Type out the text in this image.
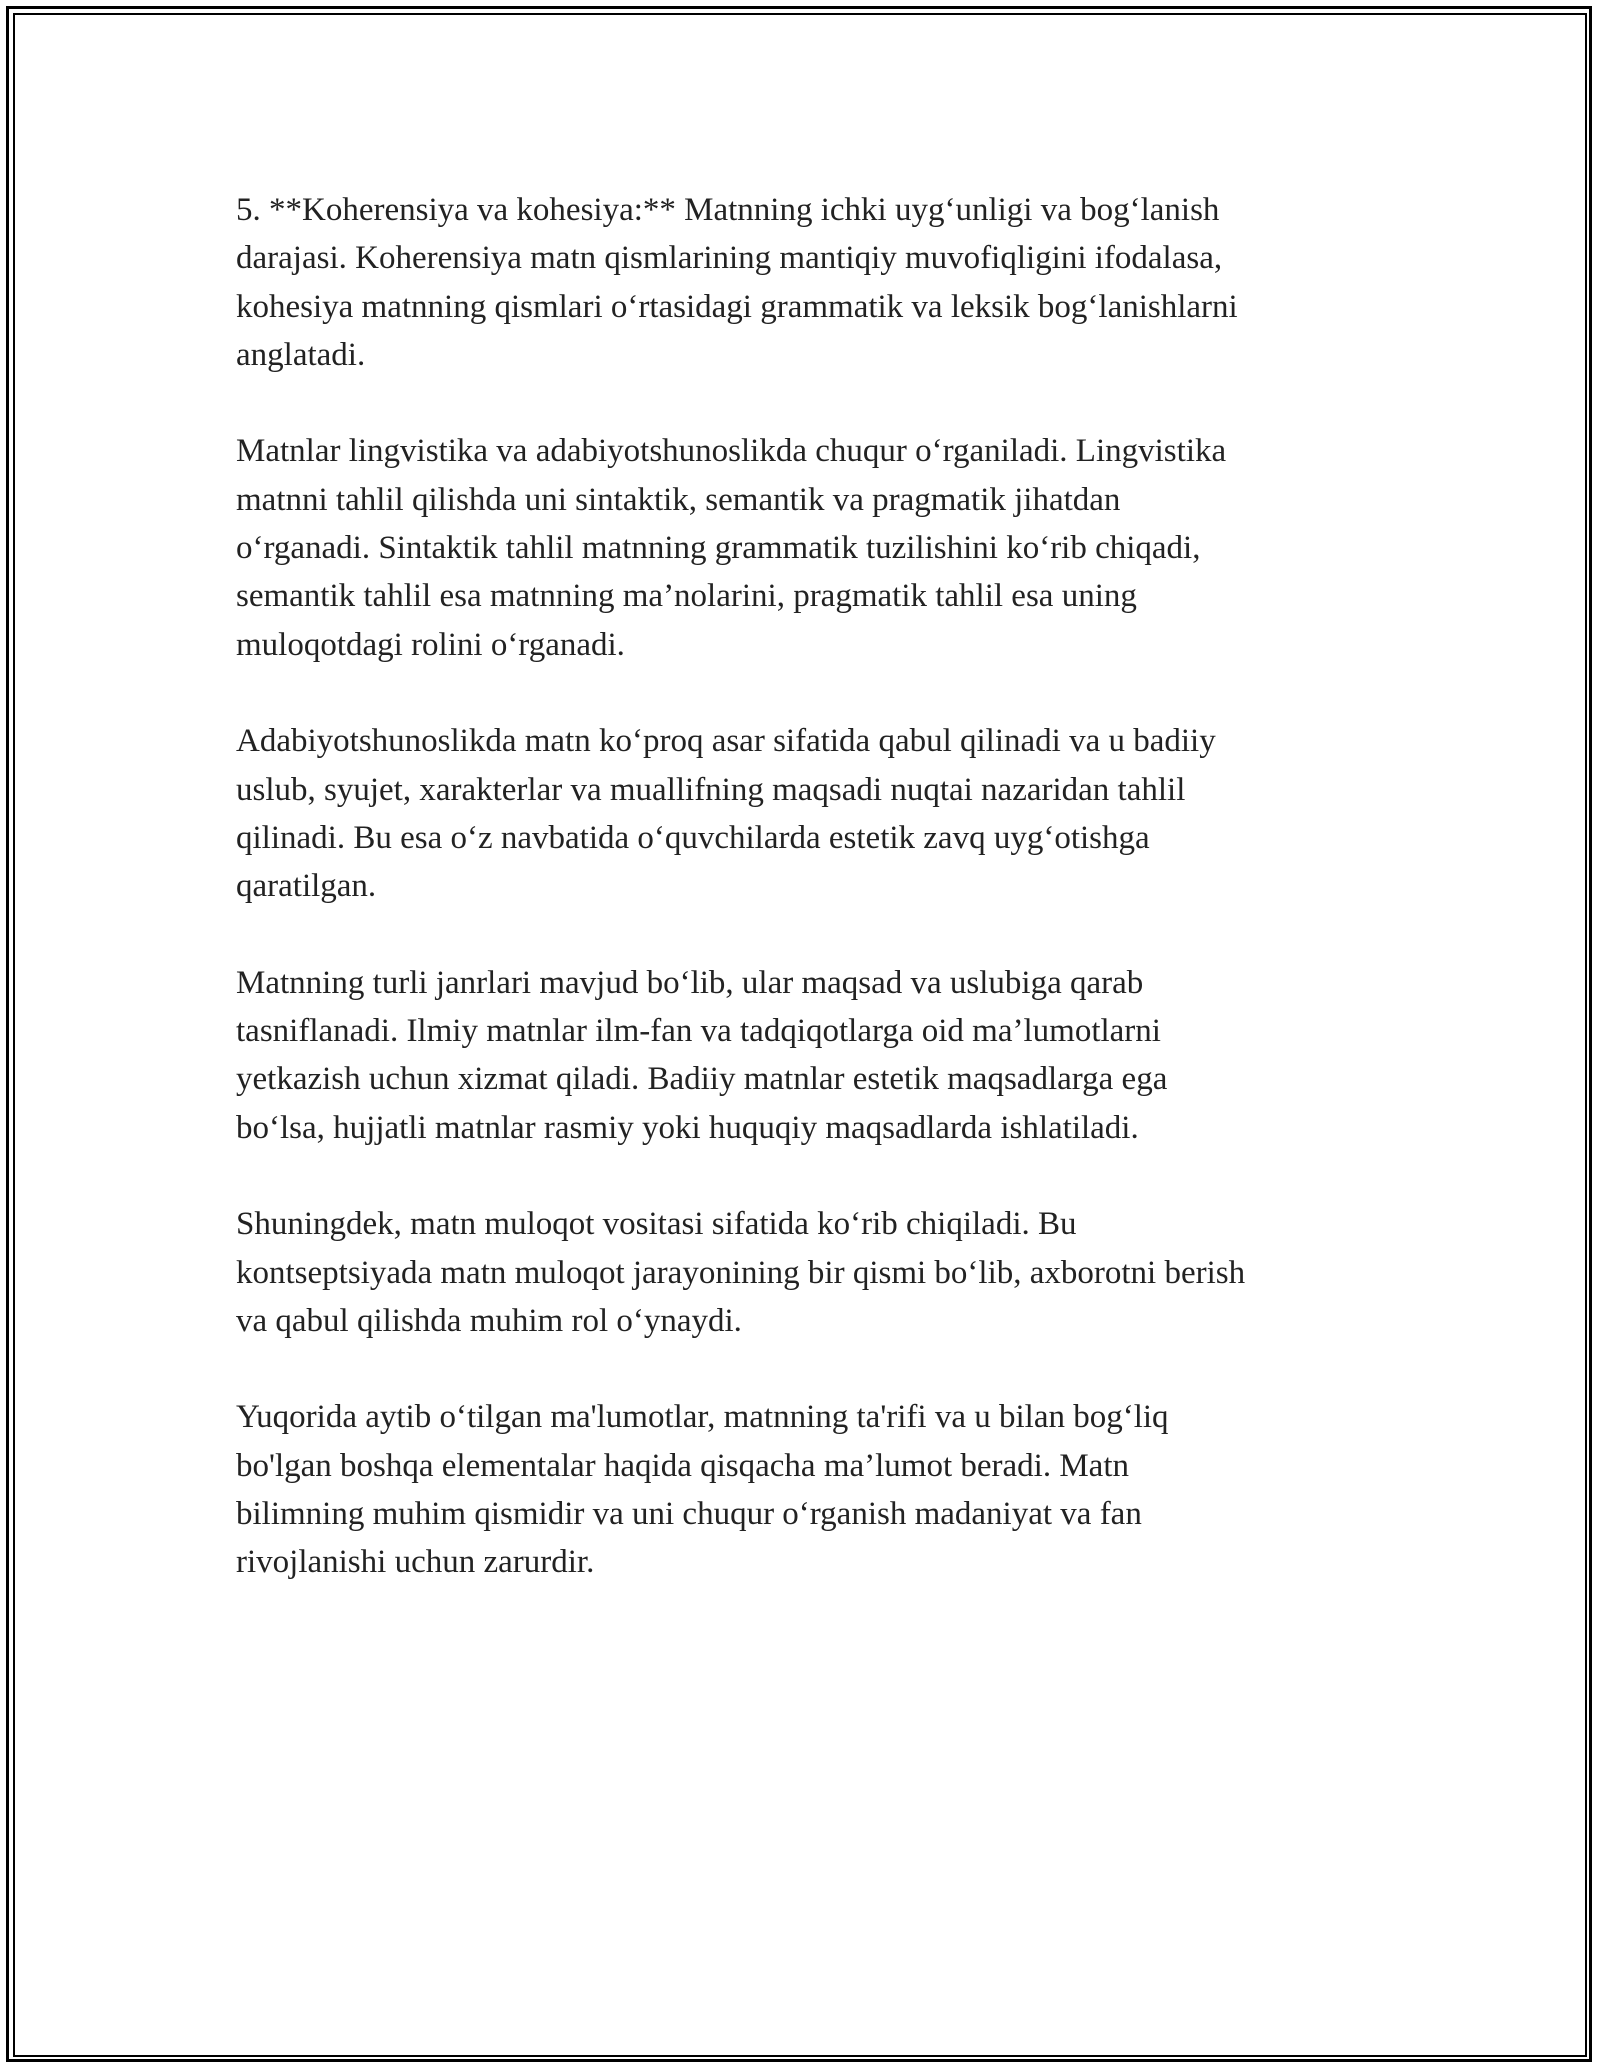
5. **Koherensiya va kohesiya:** Matnning ichki uyg‘unligi va bog‘lanish
darajasi. Koherensiya matn qismlarining mantiqiy muvofiqligini ifodalasa,
kohesiya matnning qismlari o‘rtasidagi grammatik va leksik bog‘lanishlarni
anglatadi.

Matnlar lingvistika va adabiyotshunoslikda chuqur o‘rganiladi. Lingvistika
matnni tahlil qilishda uni sintaktik, semantik va pragmatik jihatdan
o‘rganadi. Sintaktik tahlil matnning grammatik tuzilishini ko‘rib chiqadi,
semantik tahlil esa matnning ma’nolarini, pragmatik tahlil esa uning
muloqotdagi rolini o‘rganadi.

Adabiyotshunoslikda matn ko‘proq asar sifatida qabul qilinadi va u badiiy
uslub, syujet, xarakterlar va muallifning maqsadi nuqtai nazaridan tahlil
qilinadi. Bu esa o‘z navbatida o‘quvchilarda estetik zavq uyg‘otishga
qaratilgan.

Matnning turli janrlari mavjud bo‘lib, ular maqsad va uslubiga qarab
tasniflanadi. Ilmiy matnlar ilm-fan va tadqiqotlarga oid ma’lumotlarni
yetkazish uchun xizmat qiladi. Badiiy matnlar estetik maqsadlarga ega
bo‘lsa, hujjatli matnlar rasmiy yoki huquqiy maqsadlarda ishlatiladi.

Shuningdek, matn muloqot vositasi sifatida ko‘rib chiqiladi. Bu
kontseptsiyada matn muloqot jarayonining bir qismi bo‘lib, axborotni berish
va qabul qilishda muhim rol o‘ynaydi.

Yuqorida aytib o‘tilgan ma'lumotlar, matnning ta'rifi va u bilan bog‘liq
bo'lgan boshqa elementalar haqida qisqacha ma’lumot beradi. Matn
bilimning muhim qismidir va uni chuqur o‘rganish madaniyat va fan
rivojlanishi uchun zarurdir.
